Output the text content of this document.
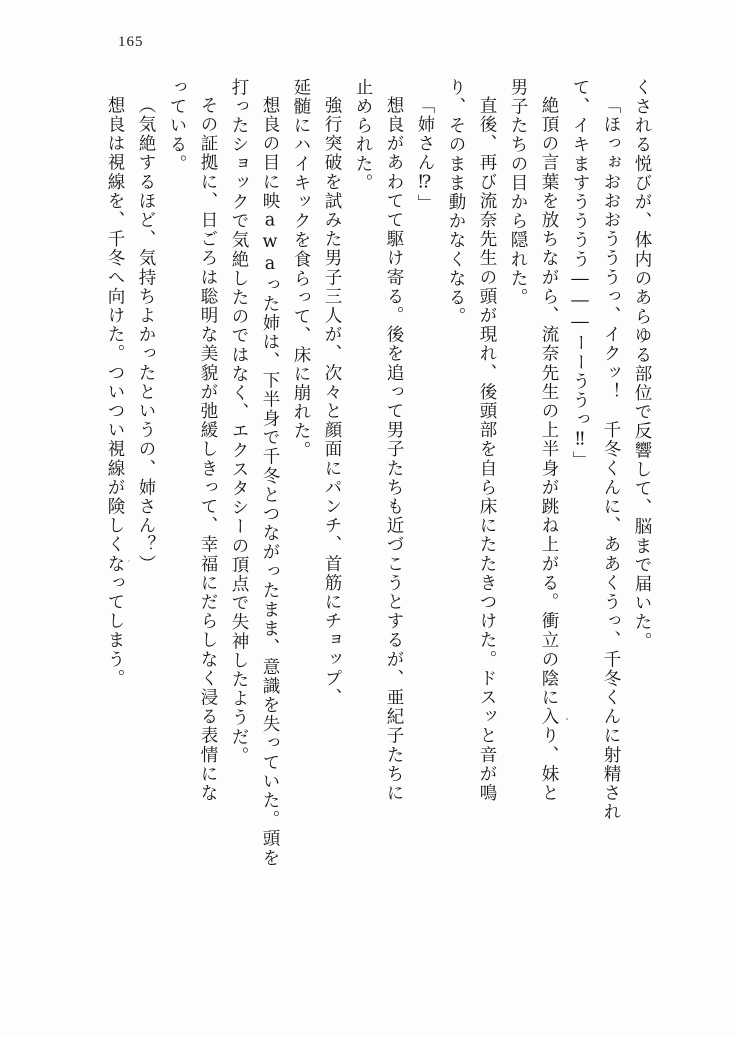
165
くされる悦びが、体内のあらゆる部位で反響して、脳まで届いた。
「ほっぉおおおうううっ、イクッ！　千冬くんに、ああくうっ、千冬くんに射精され
て、イキますうううう―――ーーううっ‼」
絶頂の言葉を放ちながら、流奈先生の上半身が跳ね上がる。衝立の陰に入り、妹と
男子たちの目から隠れた。
直後、再び流奈先生の頭が現れ、後頭部を自ら床にたたきつけた。ドスッと音が鳴
り、そのまま動かなくなる。
「姉さん⁉」
想良があわてて駆け寄る。後を追って男子たちも近づこうとするが、亜紀子たちに
止められた。
強行突破を試みた男子三人が、次々と顔面にパンチ、首筋にチョップ、
延髄にハイキックを食らって、床に崩れた。
想良の目に映awaった姉は、下半身で千冬とつながったまま、意識を失っていた。頭を
打ったショックで気絶したのではなく、エクスタシーの頂点で失神したようだ。
その証拠に、日ごろは聡明な美貌が弛緩しきって、幸福にだらしなく浸る表情にな
っている。
（気絶するほど、気持ちよかったというの、姉さん？）
想良は視線を、千冬へ向けた。ついつい視線が険しくなってしまう。
